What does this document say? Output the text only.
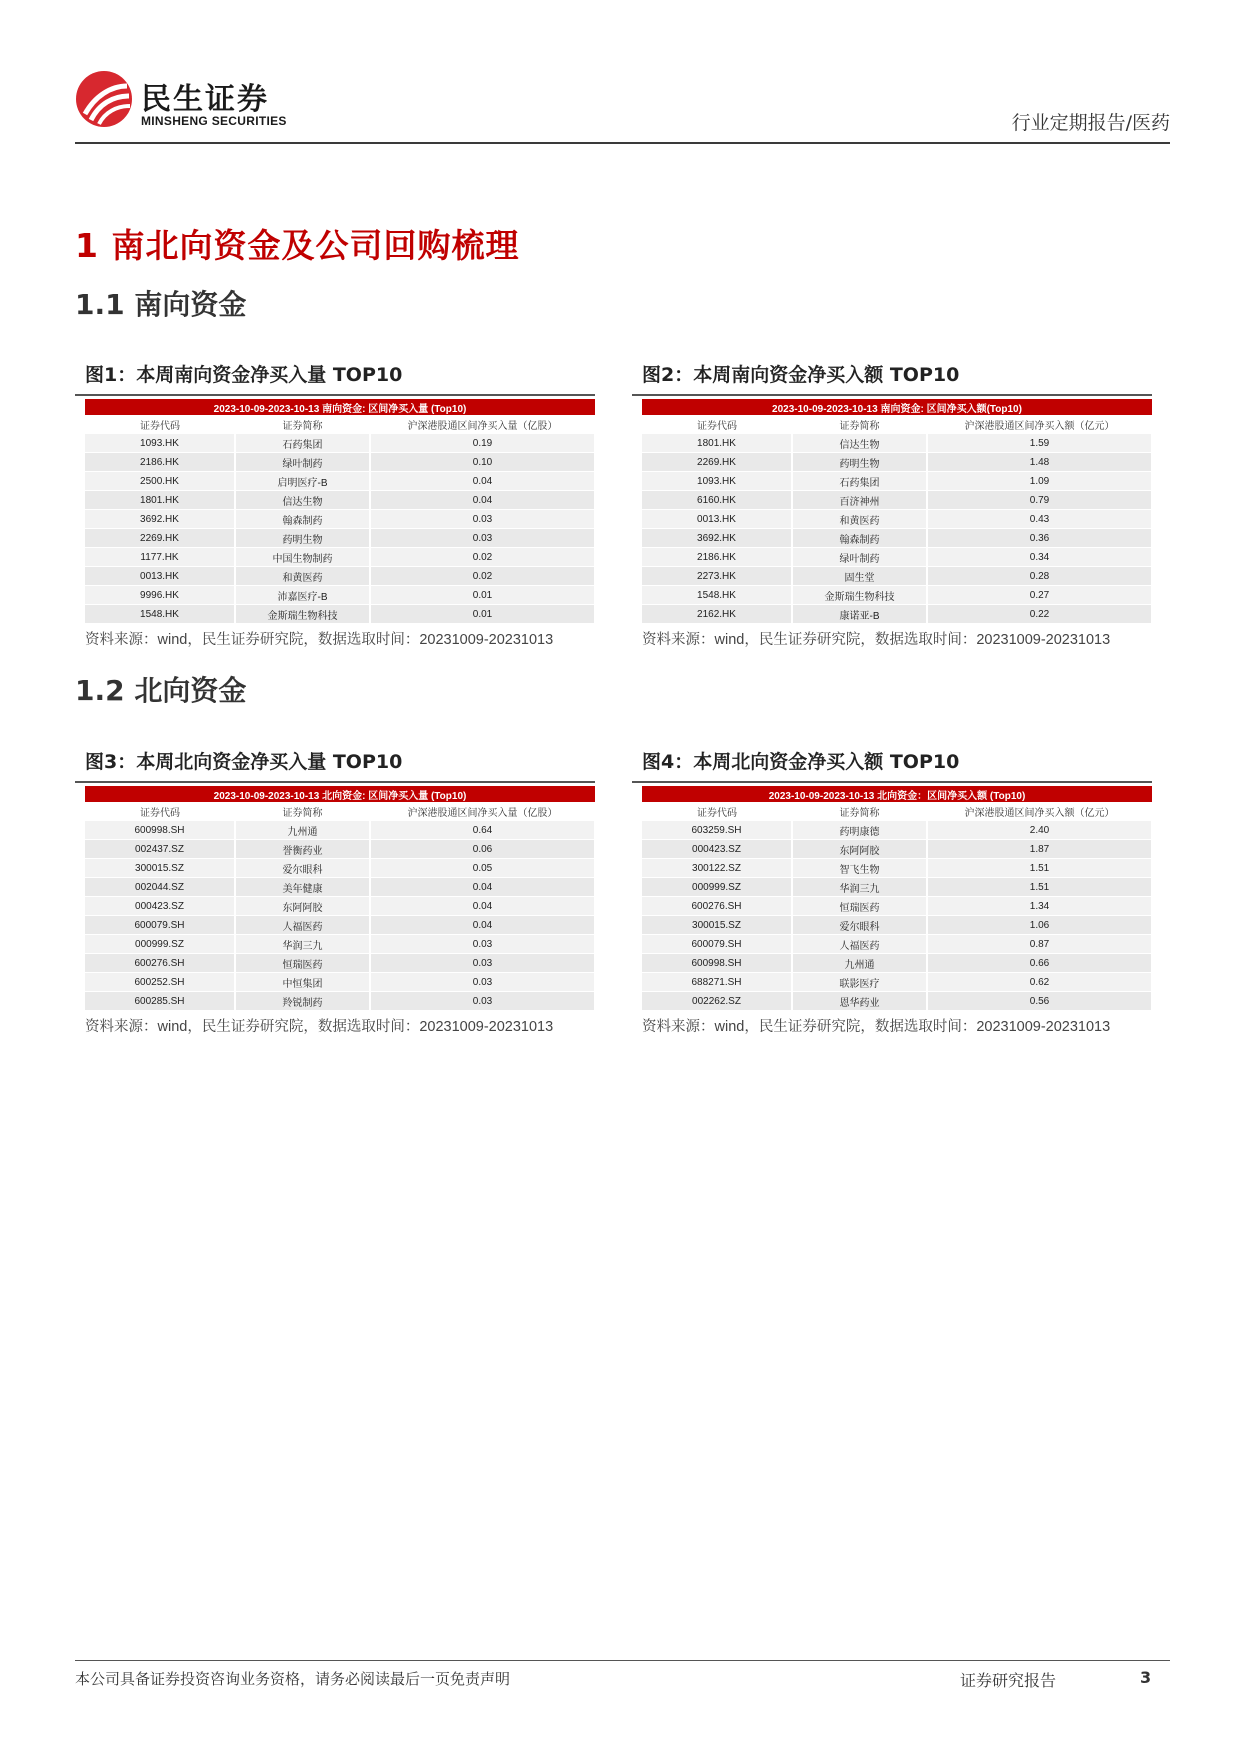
民生证券
MINSHENG SECURITIES	行业定期报告/医药
1 南北向资金及公司回购梳理
1.1 南向资金
1.2 北向资金
图1：本周南向资金净买入量 TOP10
2023-10-09-2023-10-13 南向资金: 区间净买入量 (Top10)		
证券代码	证券简称	沪深港股通区间净买入量（亿股）
1093.HK	石药集团	0.19
2186.HK	绿叶制药	0.10
2500.HK	启明医疗-B	0.04
1801.HK	信达生物	0.04
3692.HK	翰森制药	0.03
2269.HK	药明生物	0.03
1177.HK	中国生物制药	0.02
0013.HK	和黄医药	0.02
9996.HK	沛嘉医疗-B	0.01
1548.HK	金斯瑞生物科技	0.01
资料来源：wind，民生证券研究院，数据选取时间：20231009-20231013
图2：本周南向资金净买入额 TOP10
2023-10-09-2023-10-13 南向资金: 区间净买入额(Top10)		
证券代码	证券简称	沪深港股通区间净买入额（亿元）
1801.HK	信达生物	1.59
2269.HK	药明生物	1.48
1093.HK	石药集团	1.09
6160.HK	百济神州	0.79
0013.HK	和黄医药	0.43
3692.HK	翰森制药	0.36
2186.HK	绿叶制药	0.34
2273.HK	固生堂	0.28
1548.HK	金斯瑞生物科技	0.27
2162.HK	康诺亚-B	0.22
资料来源：wind，民生证券研究院，数据选取时间：20231009-20231013
图3：本周北向资金净买入量 TOP10
2023-10-09-2023-10-13 北向资金: 区间净买入量 (Top10)		
证券代码	证券简称	沪深港股通区间净买入量（亿股）
600998.SH	九州通	0.64
002437.SZ	誉衡药业	0.06
300015.SZ	爱尔眼科	0.05
002044.SZ	美年健康	0.04
000423.SZ	东阿阿胶	0.04
600079.SH	人福医药	0.04
000999.SZ	华润三九	0.03
600276.SH	恒瑞医药	0.03
600252.SH	中恒集团	0.03
600285.SH	羚锐制药	0.03
资料来源：wind，民生证券研究院，数据选取时间：20231009-20231013
图4：本周北向资金净买入额 TOP10
2023-10-09-2023-10-13 北向资金：区间净买入额 (Top10)		
证券代码	证券简称	沪深港股通区间净买入额（亿元）
603259.SH	药明康德	2.40
000423.SZ	东阿阿胶	1.87
300122.SZ	智飞生物	1.51
000999.SZ	华润三九	1.51
600276.SH	恒瑞医药	1.34
300015.SZ	爱尔眼科	1.06
600079.SH	人福医药	0.87
600998.SH	九州通	0.66
688271.SH	联影医疗	0.62
002262.SZ	恩华药业	0.56
资料来源：wind，民生证券研究院，数据选取时间：20231009-20231013
本公司具备证券投资咨询业务资格，请务必阅读最后一页免责声明	证券研究报告	3
